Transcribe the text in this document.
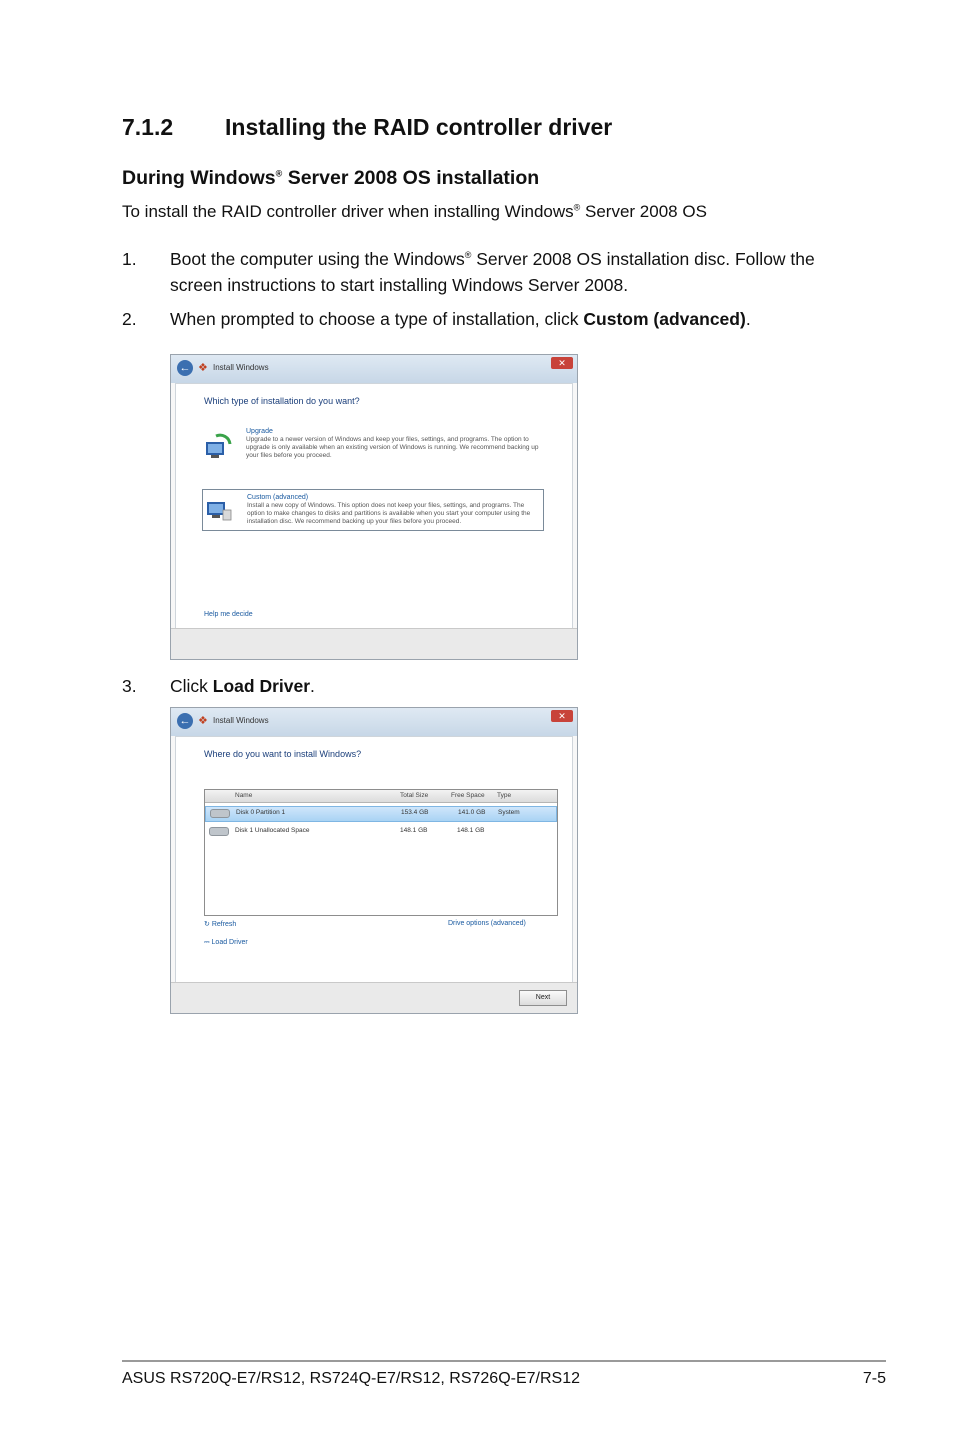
7.1.2 Installing the RAID controller driver
During Windows® Server 2008 OS installation
To install the RAID controller driver when installing Windows® Server 2008 OS
1.	Boot the computer using the Windows® Server 2008 OS installation disc. Follow the screen instructions to start installing Windows Server 2008.
2.	When prompted to choose a type of installation, click Custom (advanced).
← ❖ Install Windows	✕
Which type of installation do you want?
Upgrade
Upgrade to a newer version of Windows and keep your files, settings, and programs. The option to upgrade is only available when an existing version of Windows is running. We recommend backing up your files before you proceed.
Custom (advanced)
Install a new copy of Windows. This option does not keep your files, settings, and programs. The option to make changes to disks and partitions is available when you start your computer using the installation disc. We recommend backing up your files before you proceed.
Help me decide
3.	Click Load Driver.
← ❖ Install Windows	✕
Where do you want to install Windows?
Name	Total Size	Free Space Type
Disk 0 Partition 1	153.4 GB	141.0 GB System
Disk 1 Unallocated Space	148.1 GB	148.1 GB
↻ Refresh
⎓ Load Driver
Drive options (advanced)
Next
ASUS RS720Q-E7/RS12, RS724Q-E7/RS12, RS726Q-E7/RS12	7-5
